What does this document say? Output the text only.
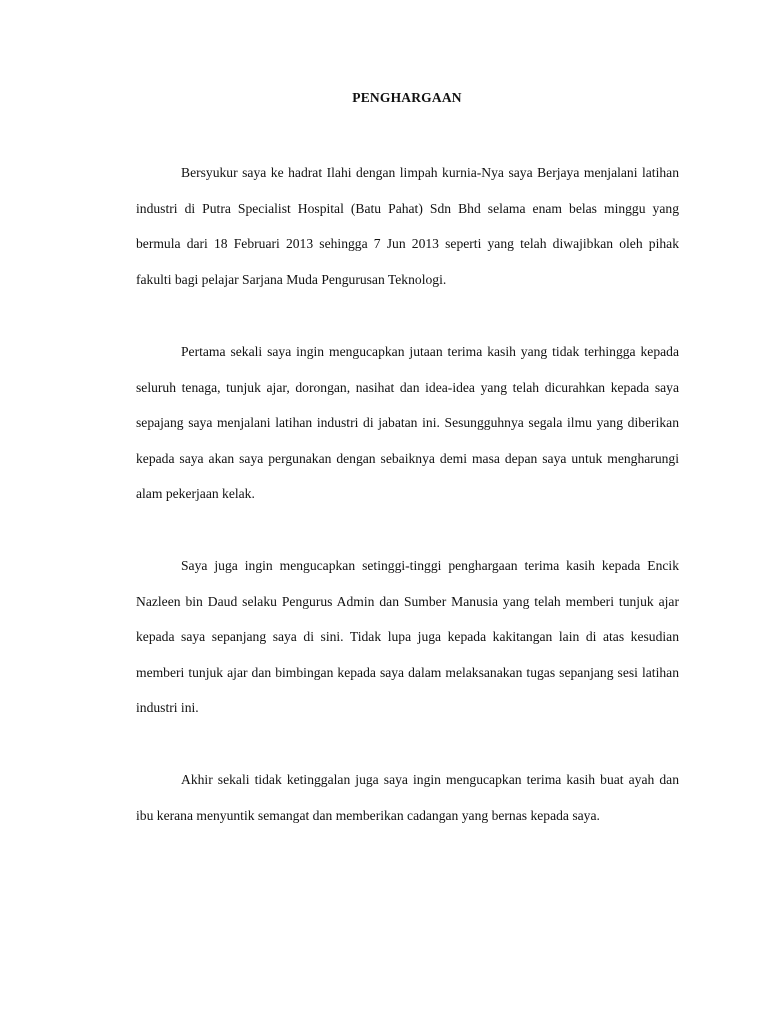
PENGHARGAAN

Bersyukur saya ke hadrat Ilahi dengan limpah kurnia-Nya saya Berjaya menjalani latihan industri di Putra Specialist Hospital (Batu Pahat) Sdn Bhd selama enam belas minggu yang bermula dari 18 Februari 2013 sehingga 7 Jun 2013 seperti yang telah diwajibkan oleh pihak fakulti bagi pelajar Sarjana Muda Pengurusan Teknologi.

Pertama sekali saya ingin mengucapkan jutaan terima kasih yang tidak terhingga kepada seluruh tenaga, tunjuk ajar, dorongan, nasihat dan idea-idea yang telah dicurahkan kepada saya sepajang saya menjalani latihan industri di jabatan ini. Sesungguhnya segala ilmu yang diberikan kepada saya akan saya pergunakan dengan sebaiknya demi masa depan saya untuk mengharungi alam pekerjaan kelak.

Saya juga ingin mengucapkan setinggi-tinggi penghargaan terima kasih kepada Encik Nazleen bin Daud selaku Pengurus Admin dan Sumber Manusia yang telah memberi tunjuk ajar kepada saya sepanjang saya di sini. Tidak lupa juga kepada kakitangan lain di atas kesudian memberi tunjuk ajar dan bimbingan kepada saya dalam melaksanakan tugas sepanjang sesi latihan industri ini.

Akhir sekali tidak ketinggalan juga saya ingin mengucapkan terima kasih buat ayah dan ibu kerana menyuntik semangat dan memberikan cadangan yang bernas kepada saya.
